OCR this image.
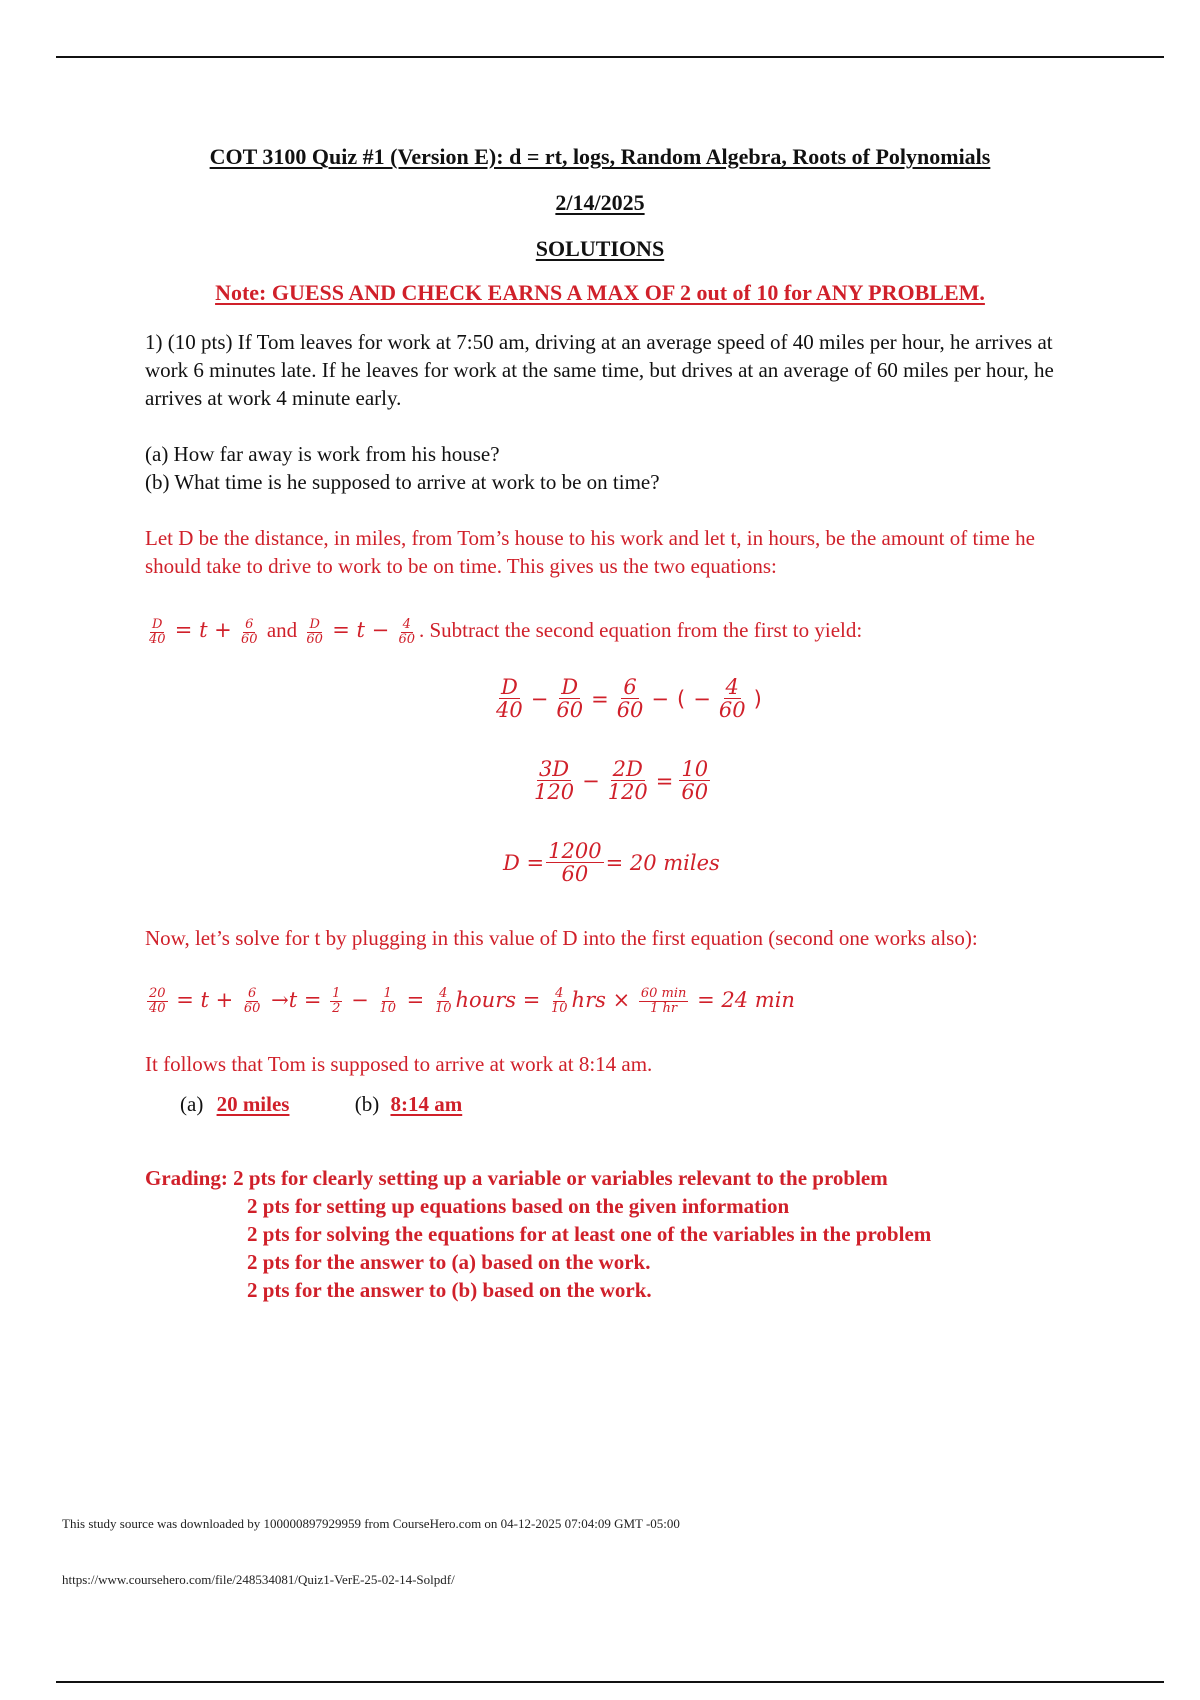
COT 3100 Quiz #1 (Version E): d = rt, logs, Random Algebra, Roots of Polynomials
2/14/2025
SOLUTIONS
Note: GUESS AND CHECK EARNS A MAX OF 2 out of 10 for ANY PROBLEM.

1) (10 pts) If Tom leaves for work at 7:50 am, driving at an average speed of 40 miles per hour, he arrives at work 6 minutes late. If he leaves for work at the same time, but drives at an average of 60 miles per hour, he arrives at work 4 minute early.

(a) How far away is work from his house?
(b) What time is he supposed to arrive at work to be on time?

Let D be the distance, in miles, from Tom’s house to his work and let t, in hours, be the amount of time he should take to drive to work to be on time. This gives us the two equations:

$\frac{D}{40} = t + \frac{6}{60}$ and $\frac{D}{60} = t - \frac{4}{60}$ . Subtract the second equation from the first to yield:
$\frac{D}{40} - \frac{D}{60} = \frac{6}{60}$ − ( − $\frac{4}{60}$ )
$\frac{3D}{120} - \frac{2D}{120} = \frac{10}{60}$
$D = \frac{1200}{60} = 20$ miles

Now, let’s solve for t by plugging in this value of D into the first equation (second one works also):

$\frac{20}{40} = t + \frac{6}{60} \to t = \frac{1}{2} - \frac{1}{10} = \frac{4}{10}$ hours = $\frac{4}{10}$ hrs × $\frac{60 \min}{1 hr} = 24$ min

It follows that Tom is supposed to arrive at work at 8:14 am.

(a) 20 miles	(b) 8:14 am
Grading: 2 pts for clearly setting up a variable or variables relevant to the problem
2 pts for setting up equations based on the given information
2 pts for solving the equations for at least one of the variables in the problem
2 pts for the answer to (a) based on the work.
2 pts for the answer to (b) based on the work.
This study source was downloaded by 100000897929959 from CourseHero.com on 04-12-2025 07:04:09 GMT -05:00
https://www.coursehero.com/file/248534081/Quiz1-VerE-25-02-14-Solpdf/
